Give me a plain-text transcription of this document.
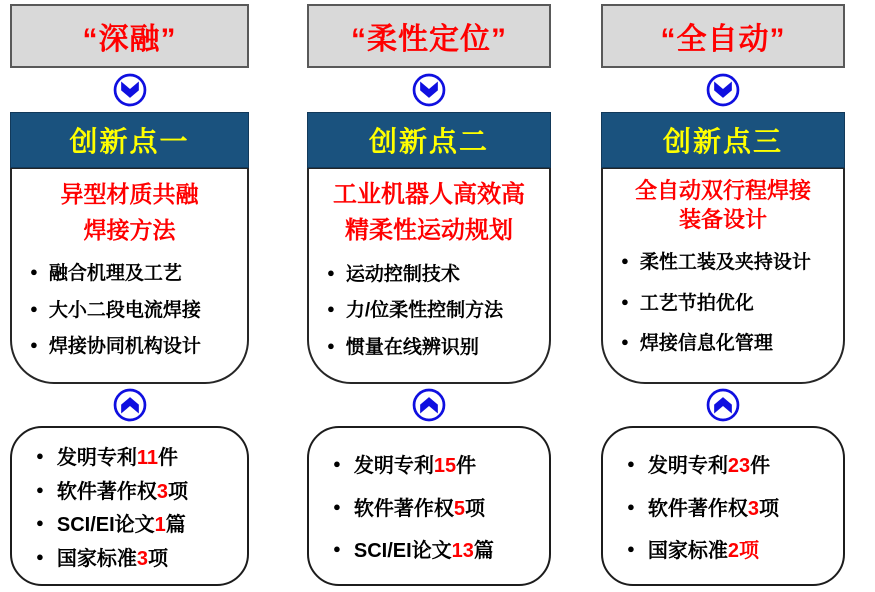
“深融”
创新点一
异型材质共融
焊接方法
● 融合机理及工艺
● 大小二段电流焊接
● 焊接协同机构设计
● 发明专利11件
● 软件著作权3项
● SCI/EI论文1篇
● 国家标准3项
“柔性定位”
创新点二
工业机器人高效高
精柔性运动规划
● 运动控制技术
● 力/位柔性控制方法
● 惯量在线辨识别
● 发明专利15件
● 软件著作权5项
● SCI/EI论文13篇
“全自动”
创新点三
全自动双行程焊接
装备设计
● 柔性工装及夹持设计
● 工艺节拍优化
● 焊接信息化管理
● 发明专利23件
● 软件著作权3项
● 国家标准2项
